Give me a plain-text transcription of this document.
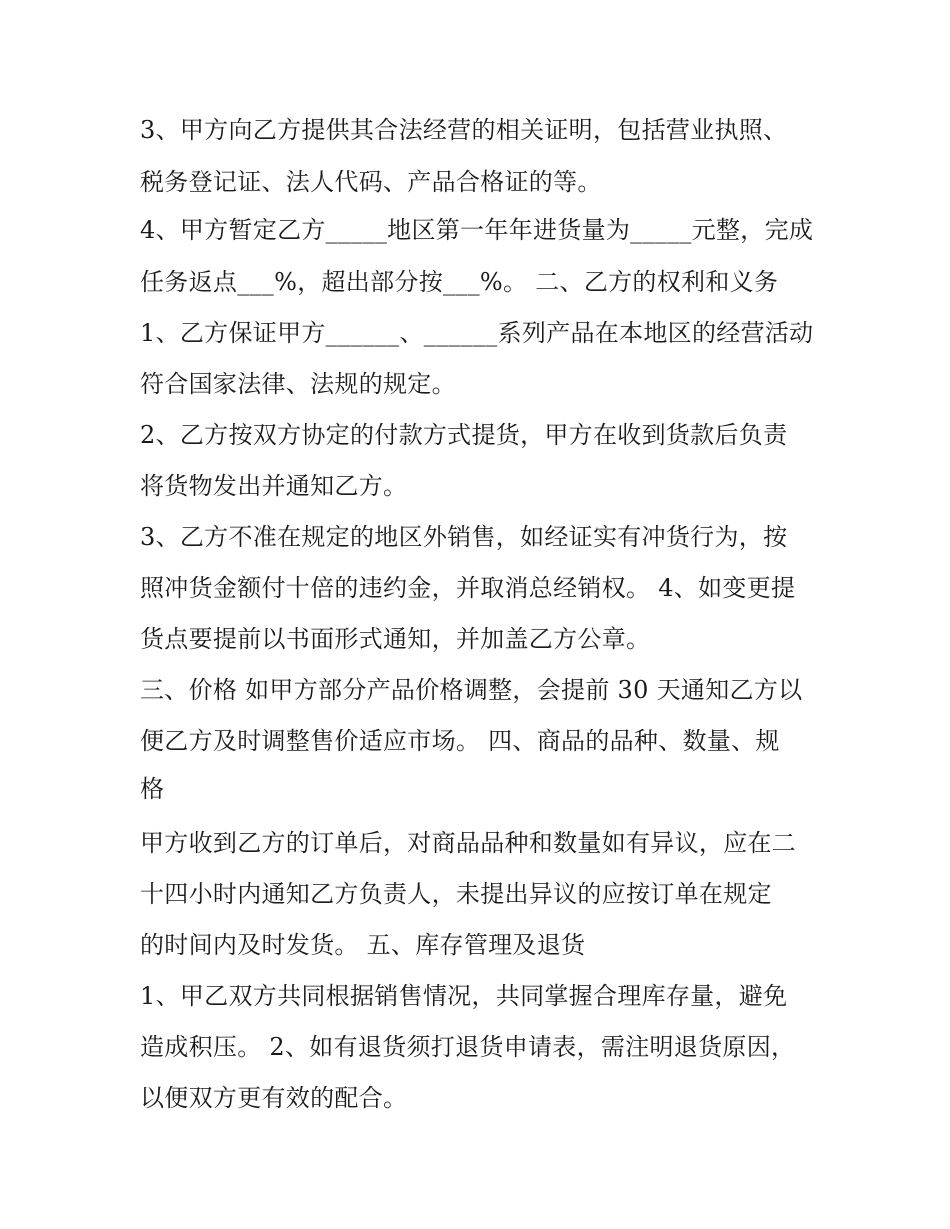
3、甲方向乙方提供其合法经营的相关证明，包括营业执照、
税务登记证、法人代码、产品合格证的等。
4、甲方暂定乙方_____地区第一年年进货量为_____元整，完成
任务返点___%，超出部分按___%。 二、乙方的权利和义务
1、乙方保证甲方______、______系列产品在本地区的经营活动
符合国家法律、法规的规定。
2、乙方按双方协定的付款方式提货，甲方在收到货款后负责
将货物发出并通知乙方。
3、乙方不准在规定的地区外销售，如经证实有冲货行为，按
照冲货金额付十倍的违约金，并取消总经销权。 4、如变更提
货点要提前以书面形式通知，并加盖乙方公章。
三、价格 如甲方部分产品价格调整，会提前 30 天通知乙方以
便乙方及时调整售价适应市场。 四、商品的品种、数量、规
格
甲方收到乙方的订单后，对商品品种和数量如有异议，应在二
十四小时内通知乙方负责人，未提出异议的应按订单在规定
的时间内及时发货。 五、库存管理及退货
1、甲乙双方共同根据销售情况，共同掌握合理库存量，避免
造成积压。 2、如有退货须打退货申请表，需注明退货原因，
以便双方更有效的配合。
